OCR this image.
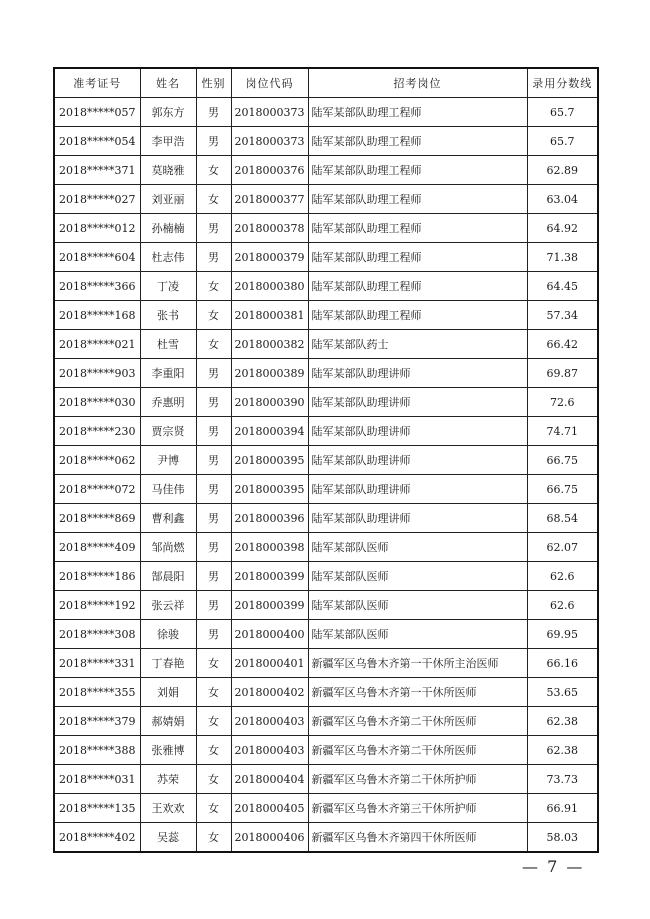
准考证号	姓名	性别	岗位代码	招考岗位	录用分数线
2018*****057	郭东方	男	2018000373	陆军某部队助理工程师	65.7
2018*****054	李甲浩	男	2018000373	陆军某部队助理工程师	65.7
2018*****371	莫晓雅	女	2018000376	陆军某部队助理工程师	62.89
2018*****027	刘亚丽	女	2018000377	陆军某部队助理工程师	63.04
2018*****012	孙楠楠	男	2018000378	陆军某部队助理工程师	64.92
2018*****604	杜志伟	男	2018000379	陆军某部队助理工程师	71.38
2018*****366	丁凌	女	2018000380	陆军某部队助理工程师	64.45
2018*****168	张书	女	2018000381	陆军某部队助理工程师	57.34
2018*****021	杜雪	女	2018000382	陆军某部队药士	66.42
2018*****903	李重阳	男	2018000389	陆军某部队助理讲师	69.87
2018*****030	乔惠明	男	2018000390	陆军某部队助理讲师	72.6
2018*****230	贾宗贤	男	2018000394	陆军某部队助理讲师	74.71
2018*****062	尹博	男	2018000395	陆军某部队助理讲师	66.75
2018*****072	马佳伟	男	2018000395	陆军某部队助理讲师	66.75
2018*****869	曹利鑫	男	2018000396	陆军某部队助理讲师	68.54
2018*****409	邹尚燃	男	2018000398	陆军某部队医师	62.07
2018*****186	郜晨阳	男	2018000399	陆军某部队医师	62.6
2018*****192	张云祥	男	2018000399	陆军某部队医师	62.6
2018*****308	徐骏	男	2018000400	陆军某部队医师	69.95
2018*****331	丁春艳	女	2018000401	新疆军区乌鲁木齐第一干休所主治医师	66.16
2018*****355	刘娟	女	2018000402	新疆军区乌鲁木齐第一干休所医师	53.65
2018*****379	郝婧娟	女	2018000403	新疆军区乌鲁木齐第二干休所医师	62.38
2018*****388	张雅博	女	2018000403	新疆军区乌鲁木齐第二干休所医师	62.38
2018*****031	苏荣	女	2018000404	新疆军区乌鲁木齐第二干休所护师	73.73
2018*****135	王欢欢	女	2018000405	新疆军区乌鲁木齐第三干休所护师	66.91
2018*****402	吴蕊	女	2018000406	新疆军区乌鲁木齐第四干休所医师	58.03
— 7 —
